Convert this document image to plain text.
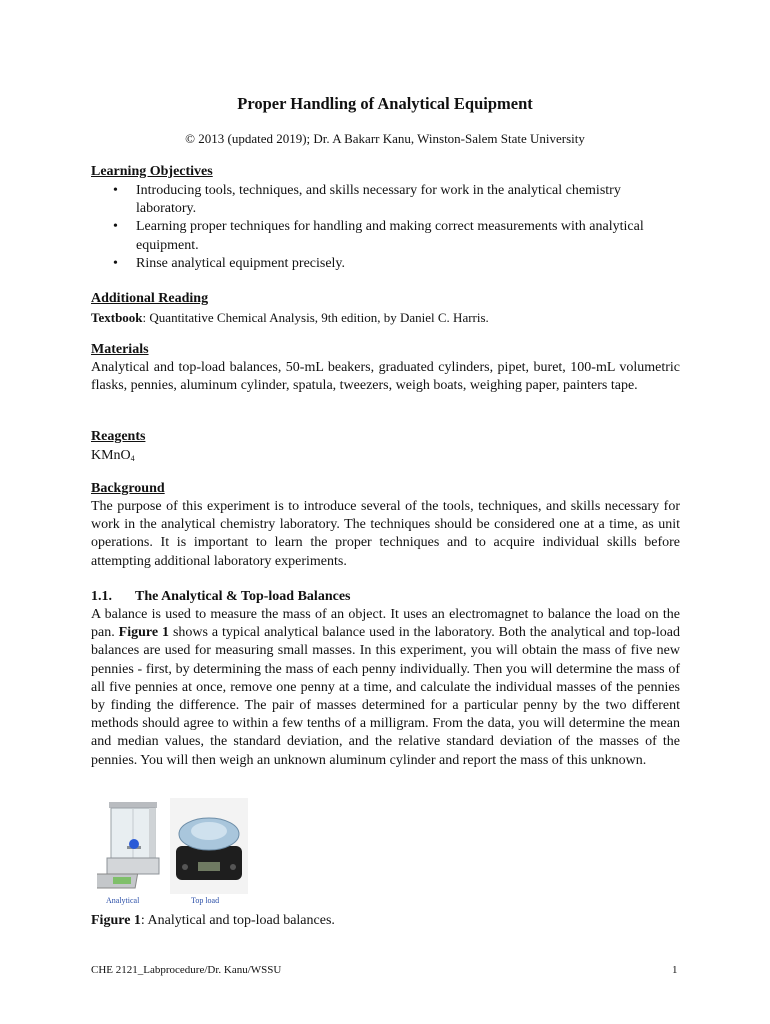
Proper Handling of Analytical Equipment
© 2013 (updated 2019); Dr. A Bakarr Kanu, Winston-Salem State University
Learning Objectives
• Introducing tools, techniques, and skills necessary for work in the analytical chemistry laboratory.
• Learning proper techniques for handling and making correct measurements with analytical equipment.
• Rinse analytical equipment precisely.
Additional Reading
Textbook: Quantitative Chemical Analysis, 9th edition, by Daniel C. Harris.
Materials
Analytical and top-load balances, 50-mL beakers, graduated cylinders, pipet, buret, 100-mL volumetric flasks, pennies, aluminum cylinder, spatula, tweezers, weigh boats, weighing paper, painters tape.
Reagents
KMnO$_4$
Background
The purpose of this experiment is to introduce several of the tools, techniques, and skills necessary for work in the analytical chemistry laboratory. The techniques should be considered one at a time, as unit operations. It is important to learn the proper techniques and to acquire individual skills before attempting additional laboratory experiments.
1.1. The Analytical & Top-load Balances
A balance is used to measure the mass of an object. It uses an electromagnet to balance the load on the pan. Figure 1 shows a typical analytical balance used in the laboratory. Both the analytical and top-load balances are used for measuring small masses. In this experiment, you will obtain the mass of five new pennies - first, by determining the mass of each penny individually. Then you will determine the mass of all five pennies at once, remove one penny at a time, and calculate the individual masses of the pennies by finding the difference. The pair of masses determined for a particular penny by the two different methods should agree to within a few tenths of a milligram. From the data, you will determine the mean and median values, the standard deviation, and the relative standard deviation of the masses of the pennies. You will then weigh an unknown aluminum cylinder and report the mass of this unknown.
Analytical	Top load
Figure 1: Analytical and top-load balances.
CHE 2121_Labprocedure/Dr. Kanu/WSSU	1
